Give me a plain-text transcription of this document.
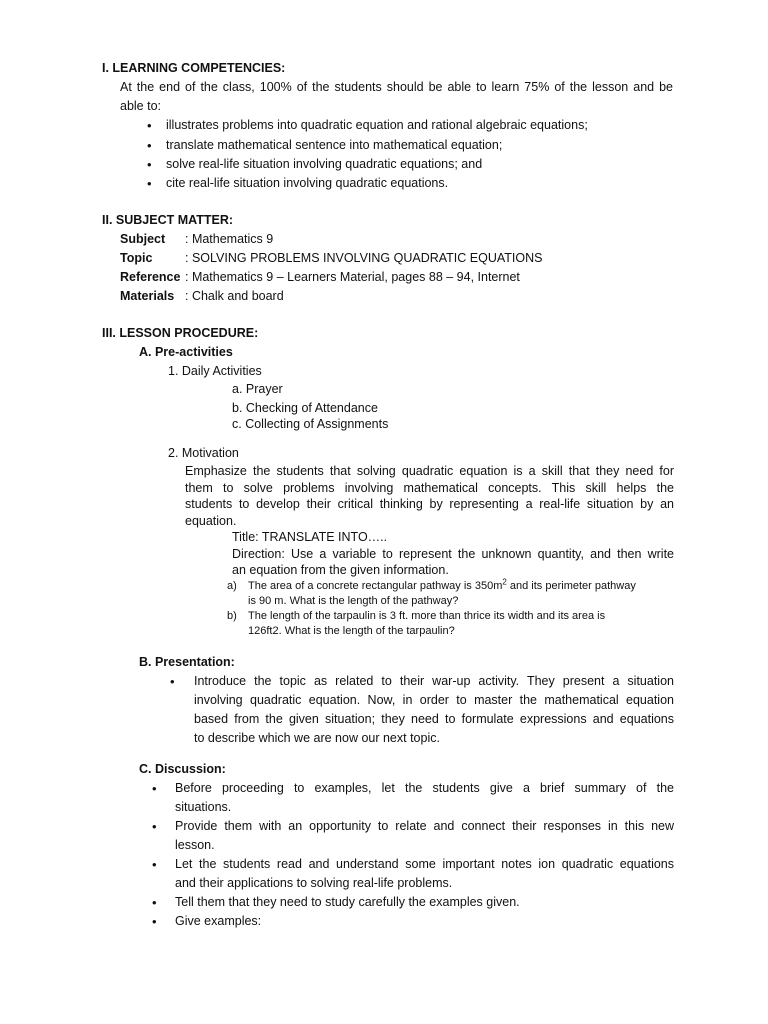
I. LEARNING COMPETENCIES:
At the end of the class, 100% of the students should be able to learn 75% of the lesson and be
able to:
• illustrates problems into quadratic equation and rational algebraic equations;
• translate mathematical sentence into mathematical equation;
• solve real-life situation involving quadratic equations; and
• cite real-life situation involving quadratic equations.
II. SUBJECT MATTER:
Subject : Mathematics 9
Topic	: SOLVING PROBLEMS INVOLVING QUADRATIC EQUATIONS
Reference : Mathematics 9 – Learners Material, pages 88 – 94, Internet
Materials : Chalk and board
III. LESSON PROCEDURE:
A. Pre-activities
1. Daily Activities
a. Prayer
b. Checking of Attendance
c. Collecting of Assignments
2. Motivation
Emphasize the students that solving quadratic equation is a skill that they need for
them to solve problems involving mathematical concepts. This skill helps the
students to develop their critical thinking by representing a real-life situation by an
equation.
Title: TRANSLATE INTO…..
Direction: Use a variable to represent the unknown quantity, and then write
an equation from the given information.
a) The area of a concrete rectangular pathway is $350m^2$ and its perimeter pathway
is 90 m. What is the length of the pathway?
b) The length of the tarpaulin is 3 ft. more than thrice its width and its area is
126ft2. What is the length of the tarpaulin?
B. Presentation:
• Introduce the topic as related to their war-up activity. They present a situation
involving quadratic equation. Now, in order to master the mathematical equation
based from the given situation; they need to formulate expressions and equations
to describe which we are now our next topic.
C. Discussion:
• Before proceeding to examples, let the students give a brief summary of the
situations.
• Provide them with an opportunity to relate and connect their responses in this new
lesson.
• Let the students read and understand some important notes ion quadratic equations
and their applications to solving real-life problems.
• Tell them that they need to study carefully the examples given.
• Give examples:
